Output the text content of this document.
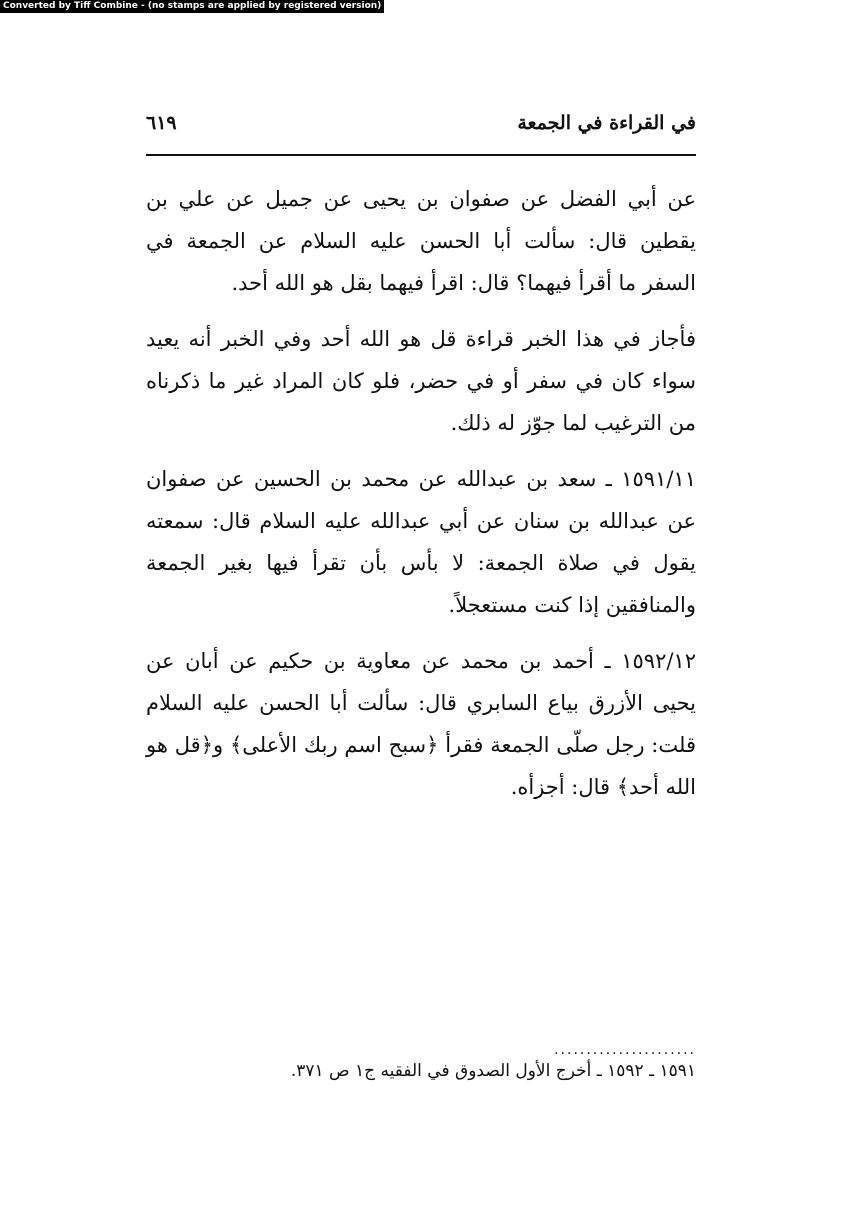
Converted by Tiff Combine - (no stamps are applied by registered version)
في القراءة في الجمعة
٦١٩

عن أبي الفضل عن صفوان بن يحيى عن جميل عن علي بن يقطين قال: سألت أبا الحسن عليه السلام عن الجمعة في السفر ما أقرأ فيهما؟ قال: اقرأ فيهما بقل هو الله أحد.

فأجاز في هذا الخبر قراءة قل هو الله أحد وفي الخبر أنه يعيد سواء كان في سفر أو في حضر، فلو كان المراد غير ما ذكرناه من الترغيب لما جوّز له ذلك.

١٥٩١/١١ ـ سعد بن عبدالله عن محمد بن الحسين عن صفوان عن عبدالله بن سنان عن أبي عبدالله عليه السلام قال: سمعته يقول في صلاة الجمعة: لا بأس بأن تقرأ فيها بغير الجمعة والمنافقين إذا كنت مستعجلاً.

١٥٩٢/١٢ ـ أحمد بن محمد عن معاوية بن حكيم عن أبان عن يحيى الأزرق بياع السابري قال: سألت أبا الحسن عليه السلام قلت: رجل صلّى الجمعة فقرأ ﴿سبح اسم ربك الأعلى﴾ و﴿قل هو الله أحد﴾ قال: أجزأه.

......................
١٥٩١ ـ ١٥٩٢ ـ أخرج الأول الصدوق في الفقيه ج١ ص ٣٧١.
